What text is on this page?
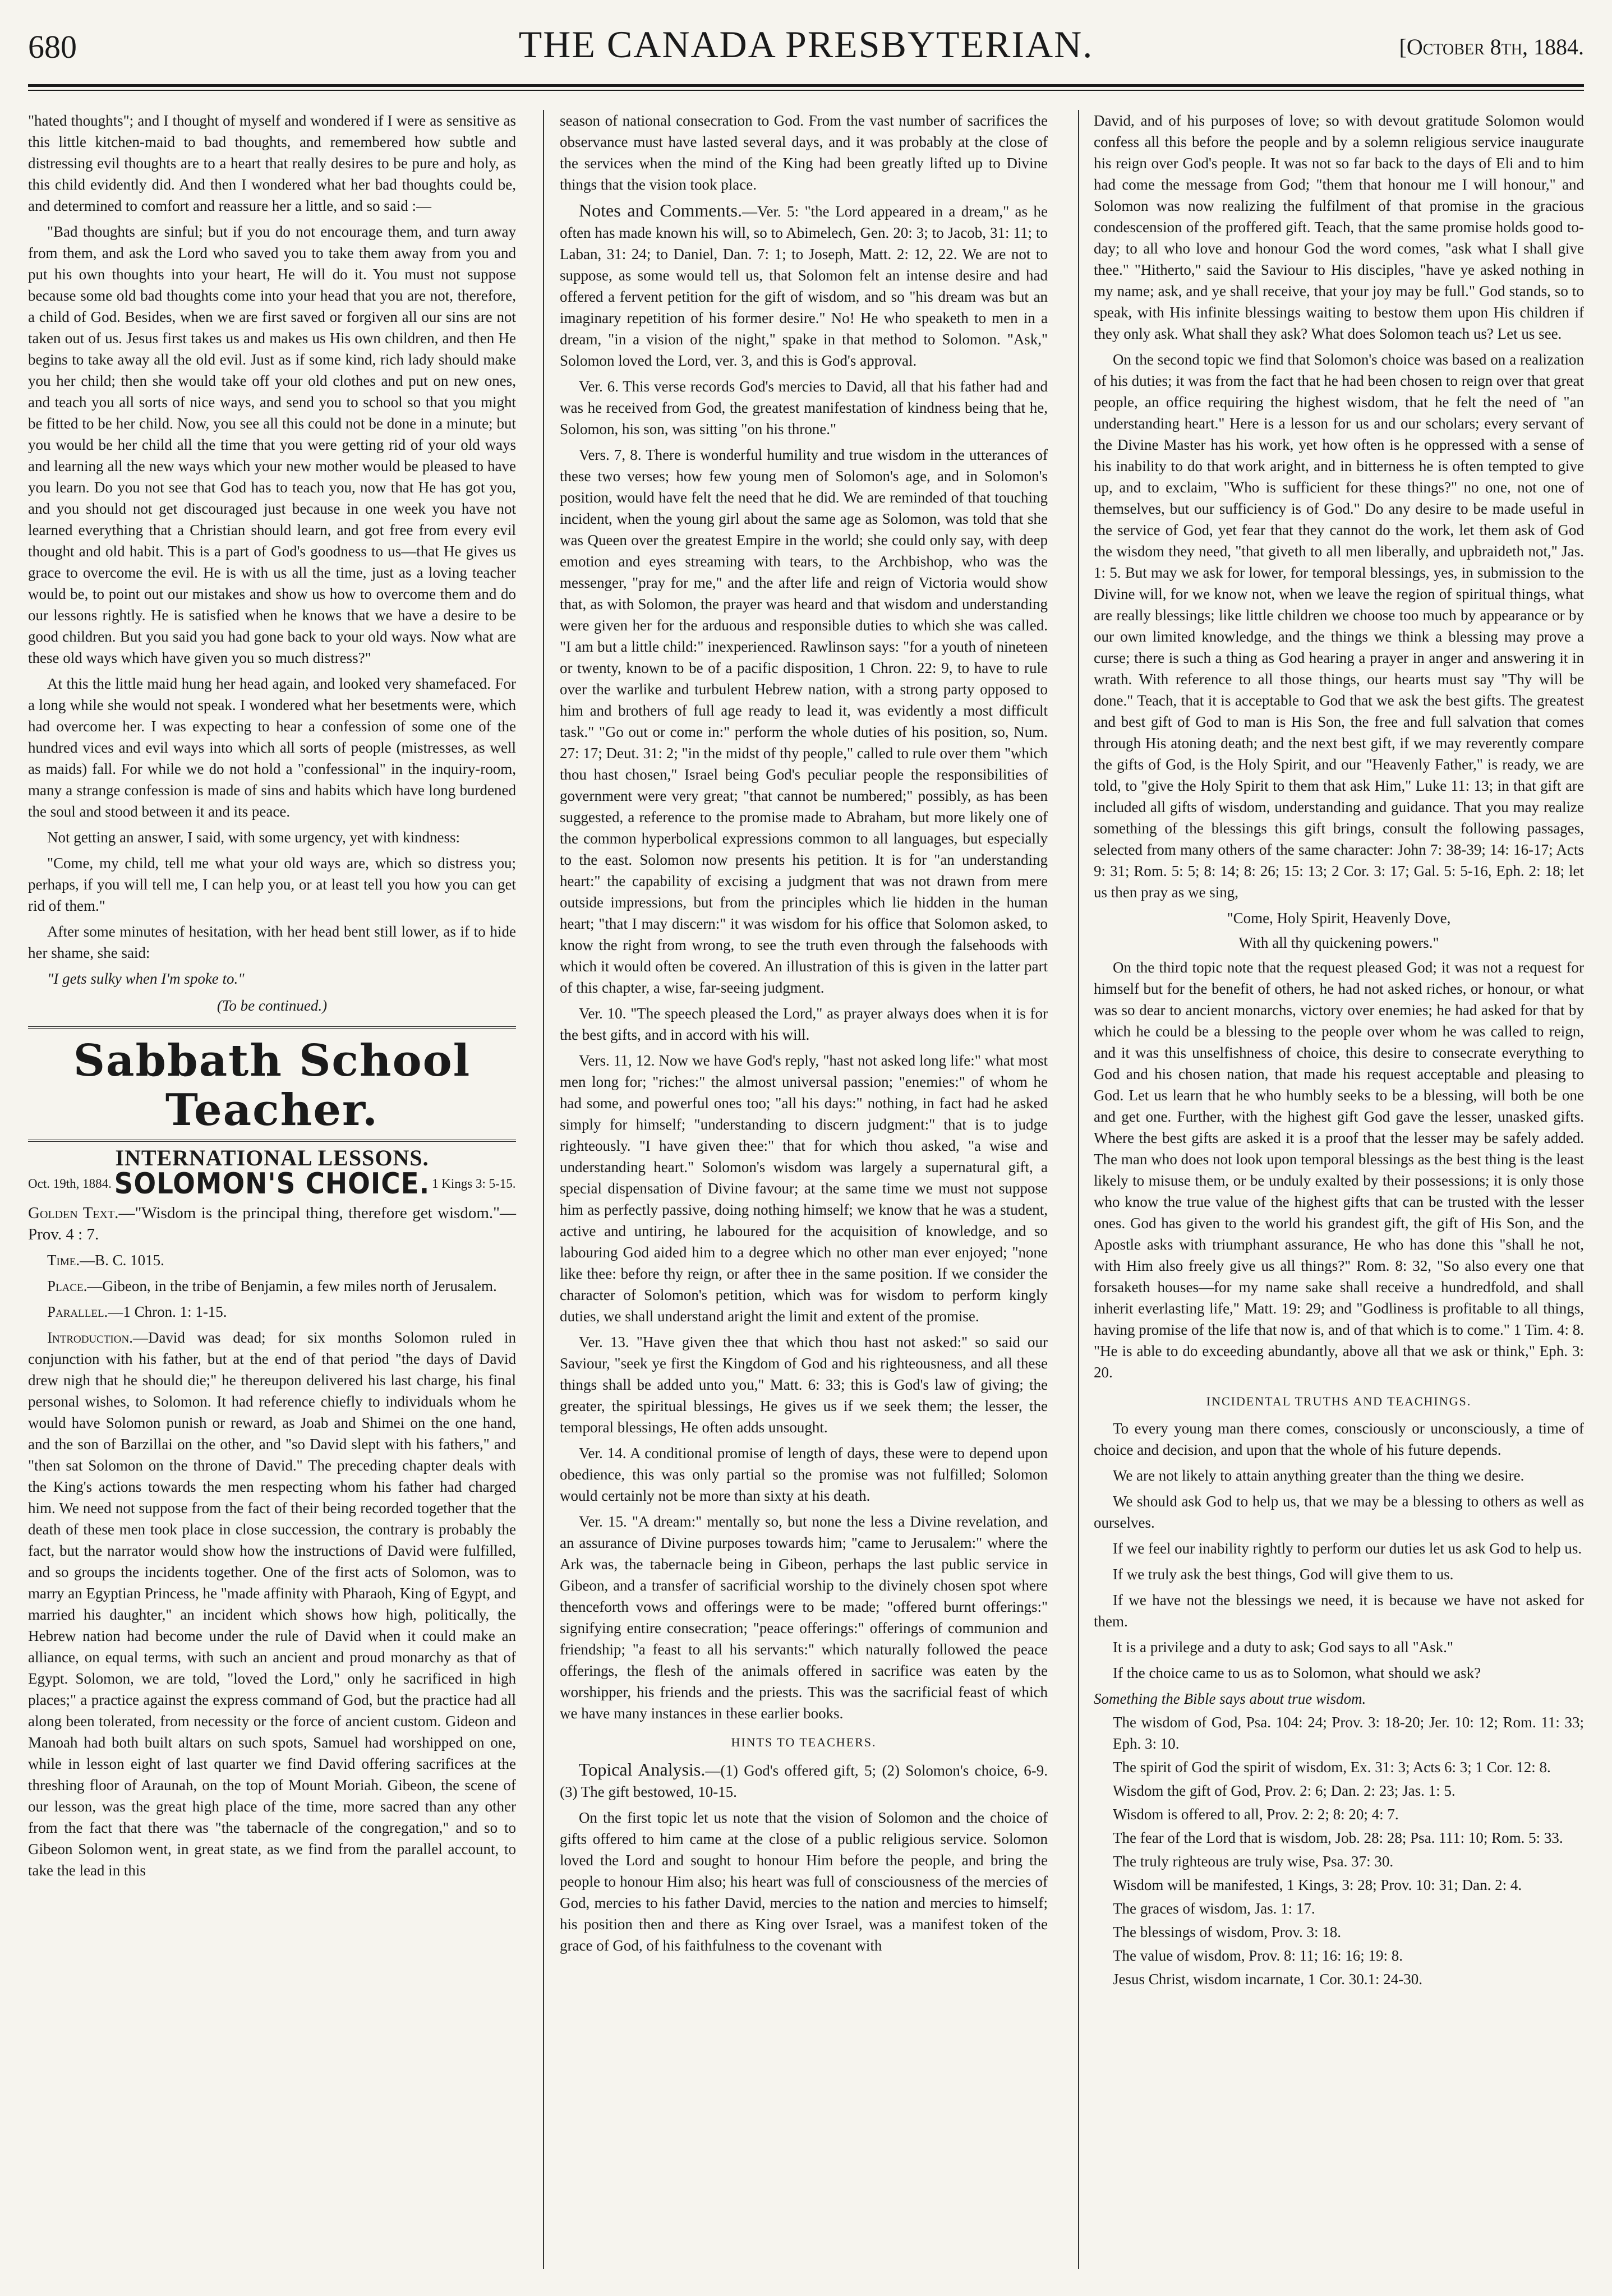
680	THE CANADA PRESBYTERIAN.	[October 8th, 1884.

"hated thoughts"; and I thought of myself and wondered if I were as sensitive as this little kitchen-maid to bad thoughts, and remembered how subtle and distressing evil thoughts are to a heart that really desires to be pure and holy, as this child evidently did. And then I wondered what her bad thoughts could be, and determined to comfort and reassure her a little, and so said :—

"Bad thoughts are sinful; but if you do not encourage them, and turn away from them, and ask the Lord who saved you to take them away from you and put his own thoughts into your heart, He will do it. You must not suppose because some old bad thoughts come into your head that you are not, therefore, a child of God. Besides, when we are first saved or forgiven all our sins are not taken out of us. Jesus first takes us and makes us His own children, and then He begins to take away all the old evil. Just as if some kind, rich lady should make you her child; then she would take off your old clothes and put on new ones, and teach you all sorts of nice ways, and send you to school so that you might be fitted to be her child. Now, you see all this could not be done in a minute; but you would be her child all the time that you were getting rid of your old ways and learning all the new ways which your new mother would be pleased to have you learn. Do you not see that God has to teach you, now that He has got you, and you should not get discouraged just because in one week you have not learned everything that a Christian should learn, and got free from every evil thought and old habit. This is a part of God's goodness to us—that He gives us grace to overcome the evil. He is with us all the time, just as a loving teacher would be, to point out our mistakes and show us how to overcome them and do our lessons rightly. He is satisfied when he knows that we have a desire to be good children. But you said you had gone back to your old ways. Now what are these old ways which have given you so much distress?"

At this the little maid hung her head again, and looked very shamefaced. For a long while she would not speak. I wondered what her besetments were, which had overcome her. I was expecting to hear a confession of some one of the hundred vices and evil ways into which all sorts of people (mistresses, as well as maids) fall. For while we do not hold a "confessional" in the inquiry-room, many a strange confession is made of sins and habits which have long burdened the soul and stood between it and its peace.

Not getting an answer, I said, with some urgency, yet with kindness:

"Come, my child, tell me what your old ways are, which so distress you; perhaps, if you will tell me, I can help you, or at least tell you how you can get rid of them."

After some minutes of hesitation, with her head bent still lower, as if to hide her shame, she said:

"I gets sulky when I'm spoke to."

(To be continued.)

Sabbath School Teacher.
INTERNATIONAL LESSONS.
Oct. 19th, 1884. SOLOMON'S CHOICE. 1 Kings 3: 5-15.

Golden Text.—"Wisdom is the principal thing, therefore get wisdom."—Prov. 4 : 7.

Time.—B. C. 1015.

Place.—Gibeon, in the tribe of Benjamin, a few miles north of Jerusalem.

Parallel.—1 Chron. 1: 1-15.

Introduction.—David was dead; for six months Solomon ruled in conjunction with his father, but at the end of that period "the days of David drew nigh that he should die;" he thereupon delivered his last charge, his final personal wishes, to Solomon. It had reference chiefly to individuals whom he would have Solomon punish or reward, as Joab and Shimei on the one hand, and the son of Barzillai on the other, and "so David slept with his fathers," and "then sat Solomon on the throne of David." The preceding chapter deals with the King's actions towards the men respecting whom his father had charged him. We need not suppose from the fact of their being recorded together that the death of these men took place in close succession, the contrary is probably the fact, but the narrator would show how the instructions of David were fulfilled, and so groups the incidents together. One of the first acts of Solomon, was to marry an Egyptian Princess, he "made affinity with Pharaoh, King of Egypt, and married his daughter," an incident which shows how high, politically, the Hebrew nation had become under the rule of David when it could make an alliance, on equal terms, with such an ancient and proud monarchy as that of Egypt. Solomon, we are told, "loved the Lord," only he sacrificed in high places;" a practice against the express command of God, but the practice had all along been tolerated, from necessity or the force of ancient custom. Gideon and Manoah had both built altars on such spots, Samuel had worshipped on one, while in lesson eight of last quarter we find David offering sacrifices at the threshing floor of Araunah, on the top of Mount Moriah. Gibeon, the scene of our lesson, was the great high place of the time, more sacred than any other from the fact that there was "the tabernacle of the congregation," and so to Gibeon Solomon went, in great state, as we find from the parallel account, to take the lead in this

season of national consecration to God. From the vast number of sacrifices the observance must have lasted several days, and it was probably at the close of the services when the mind of the King had been greatly lifted up to Divine things that the vision took place.

Notes and Comments.—Ver. 5: "the Lord appeared in a dream," as he often has made known his will, so to Abimelech, Gen. 20: 3; to Jacob, 31: 11; to Laban, 31: 24; to Daniel, Dan. 7: 1; to Joseph, Matt. 2: 12, 22. We are not to suppose, as some would tell us, that Solomon felt an intense desire and had offered a fervent petition for the gift of wisdom, and so "his dream was but an imaginary repetition of his former desire." No! He who speaketh to men in a dream, "in a vision of the night," spake in that method to Solomon. "Ask," Solomon loved the Lord, ver. 3, and this is God's approval.

Ver. 6. This verse records God's mercies to David, all that his father had and was he received from God, the greatest manifestation of kindness being that he, Solomon, his son, was sitting "on his throne."

Vers. 7, 8. There is wonderful humility and true wisdom in the utterances of these two verses; how few young men of Solomon's age, and in Solomon's position, would have felt the need that he did. We are reminded of that touching incident, when the young girl about the same age as Solomon, was told that she was Queen over the greatest Empire in the world; she could only say, with deep emotion and eyes streaming with tears, to the Archbishop, who was the messenger, "pray for me," and the after life and reign of Victoria would show that, as with Solomon, the prayer was heard and that wisdom and understanding were given her for the arduous and responsible duties to which she was called. "I am but a little child:" inexperienced. Rawlinson says: "for a youth of nineteen or twenty, known to be of a pacific disposition, 1 Chron. 22: 9, to have to rule over the warlike and turbulent Hebrew nation, with a strong party opposed to him and brothers of full age ready to lead it, was evidently a most difficult task." "Go out or come in:" perform the whole duties of his position, so, Num. 27: 17; Deut. 31: 2; "in the midst of thy people," called to rule over them "which thou hast chosen," Israel being God's peculiar people the responsibilities of government were very great; "that cannot be numbered;" possibly, as has been suggested, a reference to the promise made to Abraham, but more likely one of the common hyperbolical expressions common to all languages, but especially to the east. Solomon now presents his petition. It is for "an understanding heart:" the capability of excising a judgment that was not drawn from mere outside impressions, but from the principles which lie hidden in the human heart; "that I may discern:" it was wisdom for his office that Solomon asked, to know the right from wrong, to see the truth even through the falsehoods with which it would often be covered. An illustration of this is given in the latter part of this chapter, a wise, far-seeing judgment.

Ver. 10. "The speech pleased the Lord," as prayer always does when it is for the best gifts, and in accord with his will.

Vers. 11, 12. Now we have God's reply, "hast not asked long life:" what most men long for; "riches:" the almost universal passion; "enemies:" of whom he had some, and powerful ones too; "all his days:" nothing, in fact had he asked simply for himself; "understanding to discern judgment:" that is to judge righteously. "I have given thee:" that for which thou asked, "a wise and understanding heart." Solomon's wisdom was largely a supernatural gift, a special dispensation of Divine favour; at the same time we must not suppose him as perfectly passive, doing nothing himself; we know that he was a student, active and untiring, he laboured for the acquisition of knowledge, and so labouring God aided him to a degree which no other man ever enjoyed; "none like thee: before thy reign, or after thee in the same position. If we consider the character of Solomon's petition, which was for wisdom to perform kingly duties, we shall understand aright the limit and extent of the promise.

Ver. 13. "Have given thee that which thou hast not asked:" so said our Saviour, "seek ye first the Kingdom of God and his righteousness, and all these things shall be added unto you," Matt. 6: 33; this is God's law of giving; the greater, the spiritual blessings, He gives us if we seek them; the lesser, the temporal blessings, He often adds unsought.

Ver. 14. A conditional promise of length of days, these were to depend upon obedience, this was only partial so the promise was not fulfilled; Solomon would certainly not be more than sixty at his death.

Ver. 15. "A dream:" mentally so, but none the less a Divine revelation, and an assurance of Divine purposes towards him; "came to Jerusalem:" where the Ark was, the tabernacle being in Gibeon, perhaps the last public service in Gibeon, and a transfer of sacrificial worship to the divinely chosen spot where thenceforth vows and offerings were to be made; "offered burnt offerings:" signifying entire consecration; "peace offerings:" offerings of communion and friendship; "a feast to all his servants:" which naturally followed the peace offerings, the flesh of the animals offered in sacrifice was eaten by the worshipper, his friends and the priests. This was the sacrificial feast of which we have many instances in these earlier books.

HINTS TO TEACHERS.

Topical Analysis.—(1) God's offered gift, 5; (2) Solomon's choice, 6-9. (3) The gift bestowed, 10-15.

On the first topic let us note that the vision of Solomon and the choice of gifts offered to him came at the close of a public religious service. Solomon loved the Lord and sought to honour Him before the people, and bring the people to honour Him also; his heart was full of consciousness of the mercies of God, mercies to his father David, mercies to the nation and mercies to himself; his position then and there as King over Israel, was a manifest token of the grace of God, of his faithfulness to the covenant with

David, and of his purposes of love; so with devout gratitude Solomon would confess all this before the people and by a solemn religious service inaugurate his reign over God's people. It was not so far back to the days of Eli and to him had come the message from God; "them that honour me I will honour," and Solomon was now realizing the fulfilment of that promise in the gracious condescension of the proffered gift. Teach, that the same promise holds good to-day; to all who love and honour God the word comes, "ask what I shall give thee." "Hitherto," said the Saviour to His disciples, "have ye asked nothing in my name; ask, and ye shall receive, that your joy may be full." God stands, so to speak, with His infinite blessings waiting to bestow them upon His children if they only ask. What shall they ask? What does Solomon teach us? Let us see.

On the second topic we find that Solomon's choice was based on a realization of his duties; it was from the fact that he had been chosen to reign over that great people, an office requiring the highest wisdom, that he felt the need of "an understanding heart." Here is a lesson for us and our scholars; every servant of the Divine Master has his work, yet how often is he oppressed with a sense of his inability to do that work aright, and in bitterness he is often tempted to give up, and to exclaim, "Who is sufficient for these things?" no one, not one of themselves, but our sufficiency is of God." Do any desire to be made useful in the service of God, yet fear that they cannot do the work, let them ask of God the wisdom they need, "that giveth to all men liberally, and upbraideth not," Jas. 1: 5. But may we ask for lower, for temporal blessings, yes, in submission to the Divine will, for we know not, when we leave the region of spiritual things, what are really blessings; like little children we choose too much by appearance or by our own limited knowledge, and the things we think a blessing may prove a curse; there is such a thing as God hearing a prayer in anger and answering it in wrath. With reference to all those things, our hearts must say "Thy will be done." Teach, that it is acceptable to God that we ask the best gifts. The greatest and best gift of God to man is His Son, the free and full salvation that comes through His atoning death; and the next best gift, if we may reverently compare the gifts of God, is the Holy Spirit, and our "Heavenly Father," is ready, we are told, to "give the Holy Spirit to them that ask Him," Luke 11: 13; in that gift are included all gifts of wisdom, understanding and guidance. That you may realize something of the blessings this gift brings, consult the following passages, selected from many others of the same character: John 7: 38-39; 14: 16-17; Acts 9: 31; Rom. 5: 5; 8: 14; 8: 26; 15: 13; 2 Cor. 3: 17; Gal. 5: 5-16, Eph. 2: 18; let us then pray as we sing,

"Come, Holy Spirit, Heavenly Dove,

With all thy quickening powers."

On the third topic note that the request pleased God; it was not a request for himself but for the benefit of others, he had not asked riches, or honour, or what was so dear to ancient monarchs, victory over enemies; he had asked for that by which he could be a blessing to the people over whom he was called to reign, and it was this unselfishness of choice, this desire to consecrate everything to God and his chosen nation, that made his request acceptable and pleasing to God. Let us learn that he who humbly seeks to be a blessing, will both be one and get one. Further, with the highest gift God gave the lesser, unasked gifts. Where the best gifts are asked it is a proof that the lesser may be safely added. The man who does not look upon temporal blessings as the best thing is the least likely to misuse them, or be unduly exalted by their possessions; it is only those who know the true value of the highest gifts that can be trusted with the lesser ones. God has given to the world his grandest gift, the gift of His Son, and the Apostle asks with triumphant assurance, He who has done this "shall he not, with Him also freely give us all things?" Rom. 8: 32, "So also every one that forsaketh houses—for my name sake shall receive a hundredfold, and shall inherit everlasting life," Matt. 19: 29; and "Godliness is profitable to all things, having promise of the life that now is, and of that which is to come." 1 Tim. 4: 8. "He is able to do exceeding abundantly, above all that we ask or think," Eph. 3: 20.

INCIDENTAL TRUTHS AND TEACHINGS.

To every young man there comes, consciously or unconsciously, a time of choice and decision, and upon that the whole of his future depends.

We are not likely to attain anything greater than the thing we desire.

We should ask God to help us, that we may be a blessing to others as well as ourselves.

If we feel our inability rightly to perform our duties let us ask God to help us.

If we truly ask the best things, God will give them to us.

If we have not the blessings we need, it is because we have not asked for them.

It is a privilege and a duty to ask; God says to all "Ask."

If the choice came to us as to Solomon, what should we ask?

Something the Bible says about true wisdom.

The wisdom of God, Psa. 104: 24; Prov. 3: 18-20; Jer. 10: 12; Rom. 11: 33; Eph. 3: 10.

The spirit of God the spirit of wisdom, Ex. 31: 3; Acts 6: 3; 1 Cor. 12: 8.

Wisdom the gift of God, Prov. 2: 6; Dan. 2: 23; Jas. 1: 5.

Wisdom is offered to all, Prov. 2: 2; 8: 20; 4: 7.

The fear of the Lord that is wisdom, Job. 28: 28; Psa. 111: 10; Rom. 5: 33.

The truly righteous are truly wise, Psa. 37: 30.

Wisdom will be manifested, 1 Kings, 3: 28; Prov. 10: 31; Dan. 2: 4.

The graces of wisdom, Jas. 1: 17.

The blessings of wisdom, Prov. 3: 18.

The value of wisdom, Prov. 8: 11; 16: 16; 19: 8.

Jesus Christ, wisdom incarnate, 1 Cor. 30.1: 24-30.
